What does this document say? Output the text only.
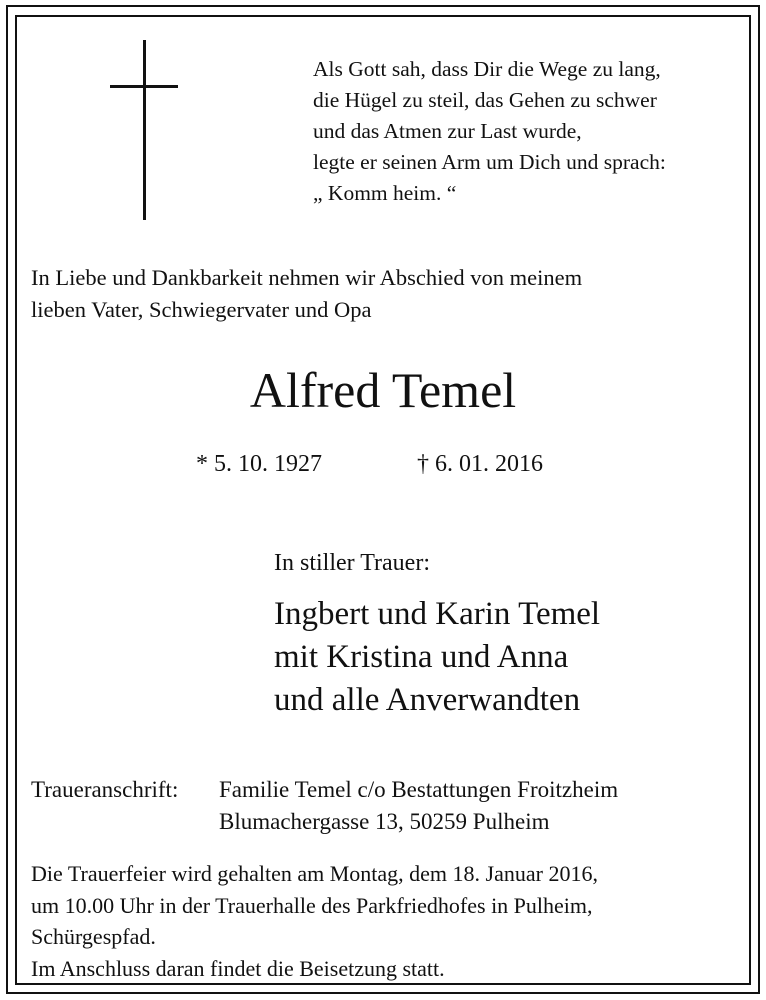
Als Gott sah, dass Dir die Wege zu lang,
die Hügel zu steil, das Gehen zu schwer
und das Atmen zur Last wurde,
legte er seinen Arm um Dich und sprach:
„ Komm heim. “
In Liebe und Dankbarkeit nehmen wir Abschied von meinem
lieben Vater, Schwiegervater und Opa
Alfred Temel
* 5. 10. 1927	† 6. 01. 2016
In stiller Trauer:
Ingbert und Karin Temel
mit Kristina und Anna
und alle Anverwandten
Traueranschrift: Familie Temel c/o Bestattungen Froitzheim
Blumachergasse 13, 50259 Pulheim
Die Trauerfeier wird gehalten am Montag, dem 18. Januar 2016,
um 10.00 Uhr in der Trauerhalle des Parkfriedhofes in Pulheim,
Schürgespfad.
Im Anschluss daran findet die Beisetzung statt.
